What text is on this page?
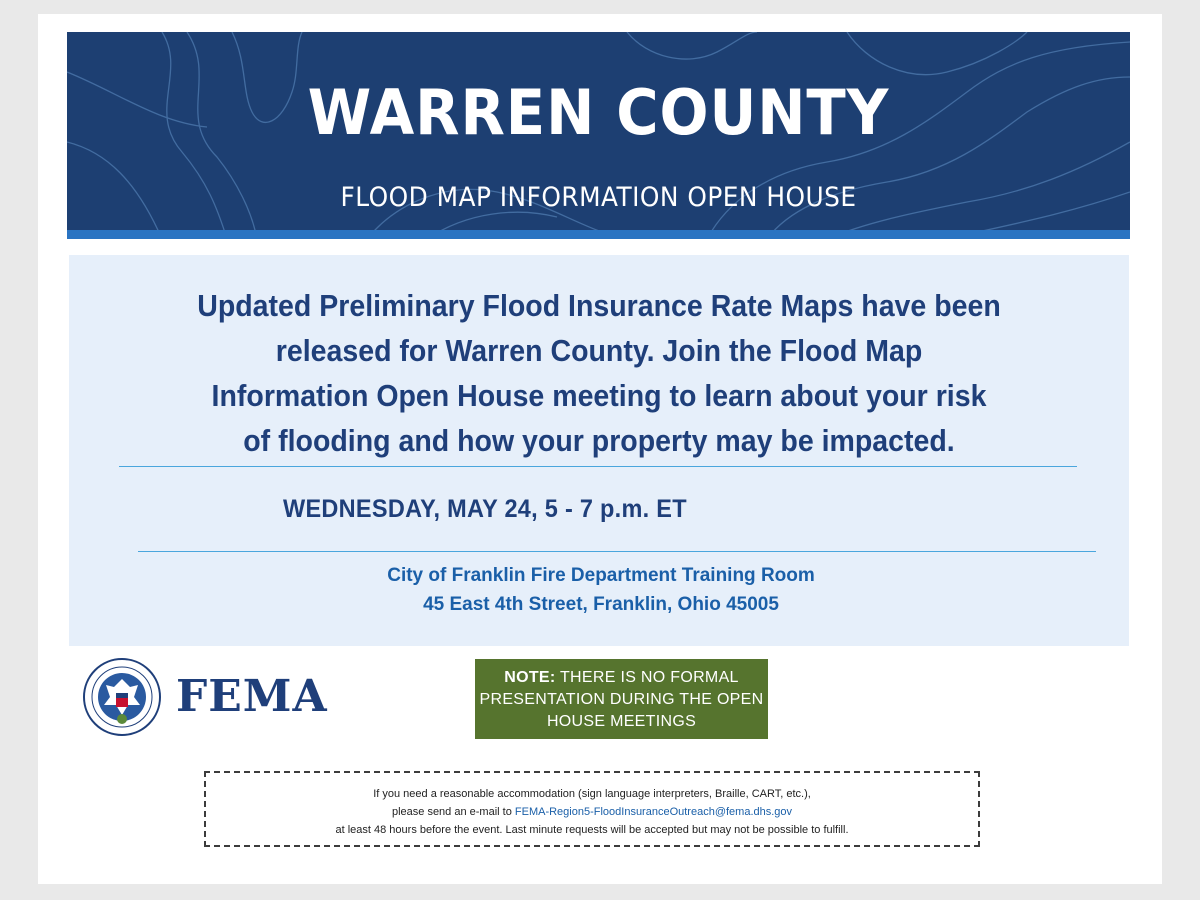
WARREN COUNTY
FLOOD MAP INFORMATION OPEN HOUSE
Updated Preliminary Flood Insurance Rate Maps have been
released for Warren County. Join the Flood Map
Information Open House meeting to learn about your risk
of flooding and how your property may be impacted.
WEDNESDAY, MAY 24, 5 - 7 p.m. ET
City of Franklin Fire Department Training Room
45 East 4th Street, Franklin, Ohio 45005
FEMA	NOTE: THERE IS NO FORMAL
PRESENTATION DURING THE OPEN
HOUSE MEETINGS
If you need a reasonable accommodation (sign language interpreters, Braille, CART, etc.),
please send an e-mail to FEMA-Region5-FloodInsuranceOutreach@fema.dhs.gov
at least 48 hours before the event. Last minute requests will be accepted but may not be possible to fulfill.
